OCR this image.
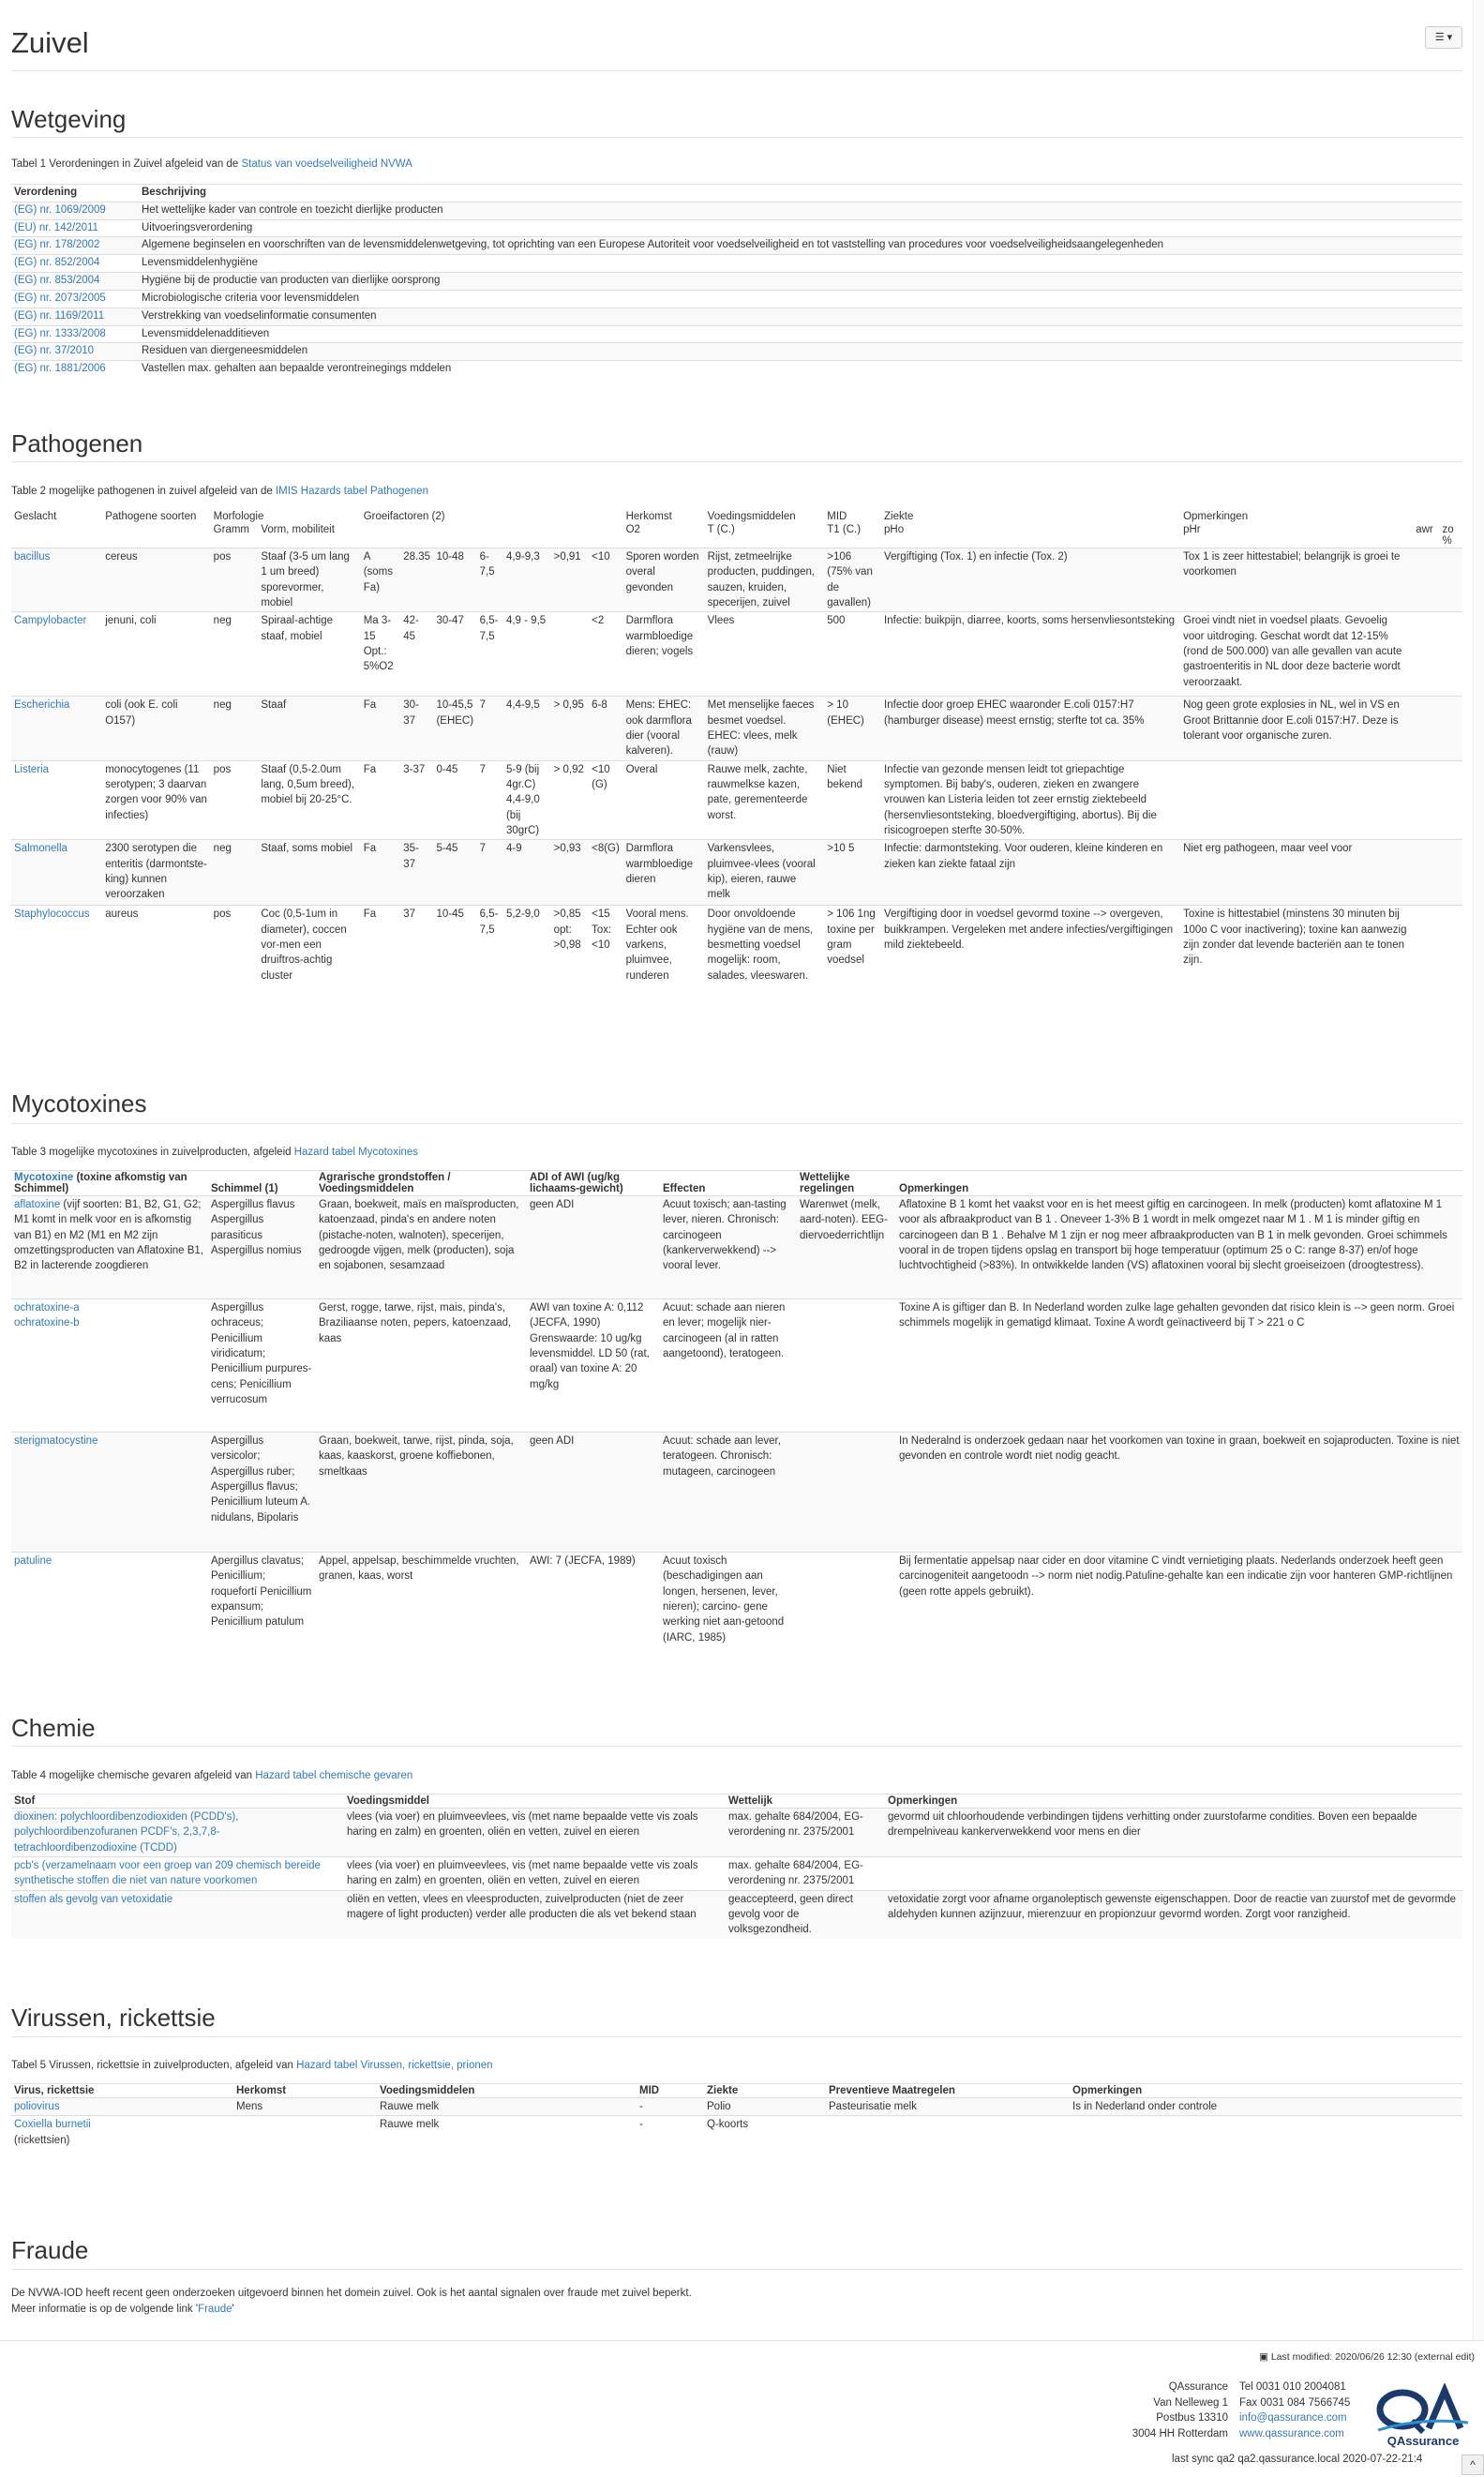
Zuivel	☰ ▾
Wetgeving
Tabel 1 Verordeningen in Zuivel afgeleid van de Status van voedselveiligheid NVWA
Verordening	Beschrijving
(EG) nr. 1069/2009	Het wettelijke kader van controle en toezicht dierlijke producten
(EU) nr. 142/2011	Uitvoeringsverordening
(EG) nr. 178/2002	Algemene beginselen en voorschriften van de levensmiddelenwetgeving, tot oprichting van een Europese Autoriteit voor voedselveiligheid en tot vaststelling van procedures voor voedselveiligheidsaangelegenheden
(EG) nr. 852/2004	Levensmiddelenhygiëne
(EG) nr. 853/2004	Hygiëne bij de productie van producten van dierlijke oorsprong
(EG) nr. 2073/2005	Microbiologische criteria voor levensmiddelen
(EG) nr. 1169/2011	Verstrekking van voedselinformatie consumenten
(EG) nr. 1333/2008	Levensmiddelenadditieven
(EG) nr. 37/2010	Residuen van diergeneesmiddelen
(EG) nr. 1881/2006	Vastellen max. gehalten aan bepaalde verontreinegings mddelen
Pathogenen
Table 2 mogelijke pathogenen in zuivel afgeleid van de IMIS Hazards tabel Pathogenen
Geslacht	Pathogene soorten	Morfologie		Groeifactoren (2)							Herkomst	Voedingsmiddelen	MID	Ziekte	Opmerkingen		
		Gramm	Vorm, mobiliteit								O2	T (C.)	T1 (C.)	pHo	pHr	awr	zo %
bacillus	cereus	pos	Staaf (3-5 um lang 1 um breed) sporevormer, mobiel	A (soms Fa)	28.35	10-48	6-7,5	4,9-9,3	>0,91	<10	Sporen worden overal gevonden	Rijst, zetmeelrijke producten, puddingen, sauzen, kruiden, specerijen, zuivel	>106 (75% van de gavallen)	Vergiftiging (Tox. 1) en infectie (Tox. 2)	Tox 1 is zeer hittestabiel; belangrijk is groei te voorkomen		
Campylobacter	jenuni, coli	neg	Spiraal-achtige staaf, mobiel	Ma 3-15 Opt.: 5%O2	42-45	30-47	6,5-7,5	4,9 - 9,5		<2	Darmflora warmbloedige dieren; vogels	Vlees	500	Infectie: buikpijn, diarree, koorts, soms hersenvliesontsteking	Groei vindt niet in voedsel plaats. Gevoelig voor uitdroging. Geschat wordt dat 12-15% (rond de 500.000) van alle gevallen van acute gastroenteritis in NL door deze bacterie wordt veroorzaakt.		
Escherichia	coli (ook E. coli O157)	neg	Staaf	Fa	30-37	10-45,5 (EHEC)	7	4,4-9,5	> 0,95	6-8	Mens: EHEC: ook darmflora dier (vooral kalveren).	Met menselijke faeces besmet voedsel. EHEC: vlees, melk (rauw)	> 10 (EHEC)	Infectie door groep EHEC waaronder E.coli 0157:H7 (hamburger disease) meest ernstig; sterfte tot ca. 35%	Nog geen grote explosies in NL, wel in VS en Groot Brittannie door E.coli 0157:H7. Deze is tolerant voor organische zuren.		
Listeria	monocytogenes (11 serotypen; 3 daarvan zorgen voor 90% van infecties)	pos	Staaf (0,5-2.0um lang, 0,5um breed), mobiel bij 20-25°C.	Fa	3-37	0-45	7	5-9 (bij 4gr.C) 4,4-9,0 (bij 30grC)	> 0,92	<10 (G)	Overal	Rauwe melk, zachte, rauwmelkse kazen, pate, gerementeerde worst.	Niet bekend	Infectie van gezonde mensen leidt tot griepachtige symptomen. Bij baby's, ouderen, zieken en zwangere vrouwen kan Listeria leiden tot zeer ernstig ziektebeeld (hersenvliesontsteking, bloedvergiftiging, abortus). Bij die risicogroepen sterfte 30-50%.			
Salmonella	2300 serotypen die enteritis (darmontste-king) kunnen veroorzaken	neg	Staaf, soms mobiel	Fa	35-37	5-45	7	4-9	>0,93	<8(G)	Darmflora warmbloedige dieren	Varkensvlees, pluimvee-vlees (vooral kip), eieren, rauwe melk	>10 5	Infectie: darmontsteking. Voor ouderen, kleine kinderen en zieken kan ziekte fataal zijn	Niet erg pathogeen, maar veel voor		
Staphylococcus	aureus	pos	Coc (0,5-1um in diameter), coccen vor-men een druiftros-achtig cluster	Fa	37	10-45	6,5-7,5	5,2-9,0	>0,85 opt: >0,98	<15 Tox: <10	Vooral mens. Echter ook varkens, pluimvee, runderen	Door onvoldoende hygiëne van de mens, besmetting voedsel mogelijk: room, salades, vleeswaren.	> 106 1ng toxine per gram voedsel	Vergiftiging door in voedsel gevormd toxine --> overgeven, buikkrampen. Vergeleken met andere infecties/vergiftigingen mild ziektebeeld.	Toxine is hittestabiel (minstens 30 minuten bij 100o C voor inactivering); toxine kan aanwezig zijn zonder dat levende bacteriën aan te tonen zijn.		
Mycotoxines
Table 3 mogelijke mycotoxines in zuivelproducten, afgeleid Hazard tabel Mycotoxines
Mycotoxine (toxine afkomstig van Schimmel)	Schimmel (1)	Agrarische grondstoffen / Voedingsmiddelen	ADI of AWI (ug/kg lichaams-gewicht)	Effecten	Wettelijke regelingen	Opmerkingen
aflatoxine (vijf soorten: B1, B2, G1, G2; M1 komt in melk voor en is afkomstig van B1) en M2 (M1 en M2 zijn omzettingsproducten van Aflatoxine B1, B2 in lacterende zoogdieren	Aspergillus flavus Aspergillus parasiticus Aspergillus nomius	Graan, boekweit, maïs en maïsproducten, katoenzaad, pinda's en andere noten (pistache-noten, walnoten), specerijen, gedroogde vijgen, melk (producten), soja en sojabonen, sesamzaad	geen ADI	Acuut toxisch; aan-tasting lever, nieren. Chronisch: carcinogeen (kankerverwekkend) --> vooral lever.	Warenwet (melk, aard-noten). EEG-diervoederrichtlijn	Aflatoxine B 1 komt het vaakst voor en is het meest giftig en carcinogeen. In melk (producten) komt aflatoxine M 1 voor als afbraakproduct van B 1 . Oneveer 1-3% B 1 wordt in melk omgezet naar M 1 . M 1 is minder giftig en carcinogeen dan B 1 . Behalve M 1 zijn er nog meer afbraakproducten van B 1 in melk gevonden. Groei schimmels vooral in de tropen tijdens opslag en transport bij hoge temperatuur (optimum 25 o C: range 8-37) en/of hoge luchtvochtigheid (>83%). In ontwikkelde landen (VS) aflatoxinen vooral bij slecht groeiseizoen (droogtestress).
ochratoxine-a
ochratoxine-b	Aspergillus ochraceus; Penicillium viridicatum; Penicillium purpures-cens; Penicillium verrucosum	Gerst, rogge, tarwe, rijst, mais, pinda's, Braziliaanse noten, pepers, katoenzaad, kaas	AWI van toxine A: 0,112 (JECFA, 1990) Grenswaarde: 10 ug/kg levensmiddel. LD 50 (rat, oraal) van toxine A: 20 mg/kg	Acuut: schade aan nieren en lever; mogelijk nier-carcinogeen (al in ratten aangetoond), teratogeen.		Toxine A is giftiger dan B. In Nederland worden zulke lage gehalten gevonden dat risico klein is --> geen norm. Groei schimmels mogelijk in gematigd klimaat. Toxine A wordt geïnactiveerd bij T > 221 o C
sterigmatocystine	Aspergillus versicolor; Aspergillus ruber; Aspergillus flavus; Penicillium luteum A. nidulans, Bipolaris	Graan, boekweit, tarwe, rijst, pinda, soja, kaas, kaaskorst, groene koffiebonen, smeltkaas	geen ADI	Acuut: schade aan lever, teratogeen. Chronisch: mutageen, carcinogeen		In Nederalnd is onderzoek gedaan naar het voorkomen van toxine in graan, boekweit en sojaproducten. Toxine is niet gevonden en controle wordt niet nodig geacht.
patuline	Apergillus clavatus; Penicillium; roquefortí Penicillium expansum; Penicillium patulum	Appel, appelsap, beschimmelde vruchten, granen, kaas, worst	AWI: 7 (JECFA, 1989)	Acuut toxisch (beschadigingen aan longen, hersenen, lever, nieren); carcino- gene werking niet aan-getoond (IARC, 1985)		Bij fermentatie appelsap naar cider en door vitamine C vindt vernietiging plaats. Nederlands onderzoek heeft geen carcinogeniteit aangetoodn --> norm niet nodig.Patuline-gehalte kan een indicatie zijn voor hanteren GMP-richtlijnen (geen rotte appels gebruikt).
Chemie
Table 4 mogelijke chemische gevaren afgeleid van Hazard tabel chemische gevaren
Stof	Voedingsmiddel	Wettelijk	Opmerkingen
dioxinen: polychloordibenzodioxiden (PCDD's), polychloordibenzofuranen PCDF's, 2,3,7,8-tetrachloordibenzodioxine (TCDD)	vlees (via voer) en pluimveevlees, vis (met name bepaalde vette vis zoals haring en zalm) en groenten, oliën en vetten, zuivel en eieren	max. gehalte 684/2004, EG-verordening nr. 2375/2001	gevormd uit chloorhoudende verbindingen tijdens verhitting onder zuurstofarme condities. Boven een bepaalde drempelniveau kankerverwekkend voor mens en dier
pcb's (verzamelnaam voor een groep van 209 chemisch bereide synthetische stoffen die niet van nature voorkomen	vlees (via voer) en pluimveevlees, vis (met name bepaalde vette vis zoals haring en zalm) en groenten, oliën en vetten, zuivel en eieren	max. gehalte 684/2004, EG-verordening nr. 2375/2001	
stoffen als gevolg van vetoxidatie	oliën en vetten, vlees en vleesproducten, zuivelproducten (niet de zeer magere of light producten) verder alle producten die als vet bekend staan	geaccepteerd, geen direct gevolg voor de volksgezondheid.	vetoxidatie zorgt voor afname organoleptisch gewenste eigenschappen. Door de reactie van zuurstof met de gevormde aldehyden kunnen azijnzuur, mierenzuur en propionzuur gevormd worden. Zorgt voor ranzigheid.
Virussen, rickettsie
Tabel 5 Virussen, rickettsie in zuivelproducten, afgeleid van Hazard tabel Virussen, rickettsie, prionen
Virus, rickettsie	Herkomst	Voedingsmiddelen	MID	Ziekte	Preventieve Maatregelen	Opmerkingen
poliovirus	Mens	Rauwe melk	-	Polio	Pasteurisatie melk	Is in Nederland onder controle
Coxiella burnetii
(rickettsien)		Rauwe melk	-	Q-koorts		
Fraude
De NVWA-IOD heeft recent geen onderzoeken uitgevoerd binnen het domein zuivel. Ook is het aantal signalen over fraude met zuivel beperkt.
Meer informatie is op de volgende link 'Fraude'
▣ Last modified: 2020/06/26 12:30 (external edit)
QAssurance
Van Nelleweg 1
Postbus 13310
3004 HH Rotterdam
Tel 0031 010 2004081
Fax 0031 084 7566745
info@qassurance.com
www.qassurance.com
last sync qa2 qa2.qassurance.local 2020-07-22-21:4
QAssurance
^
